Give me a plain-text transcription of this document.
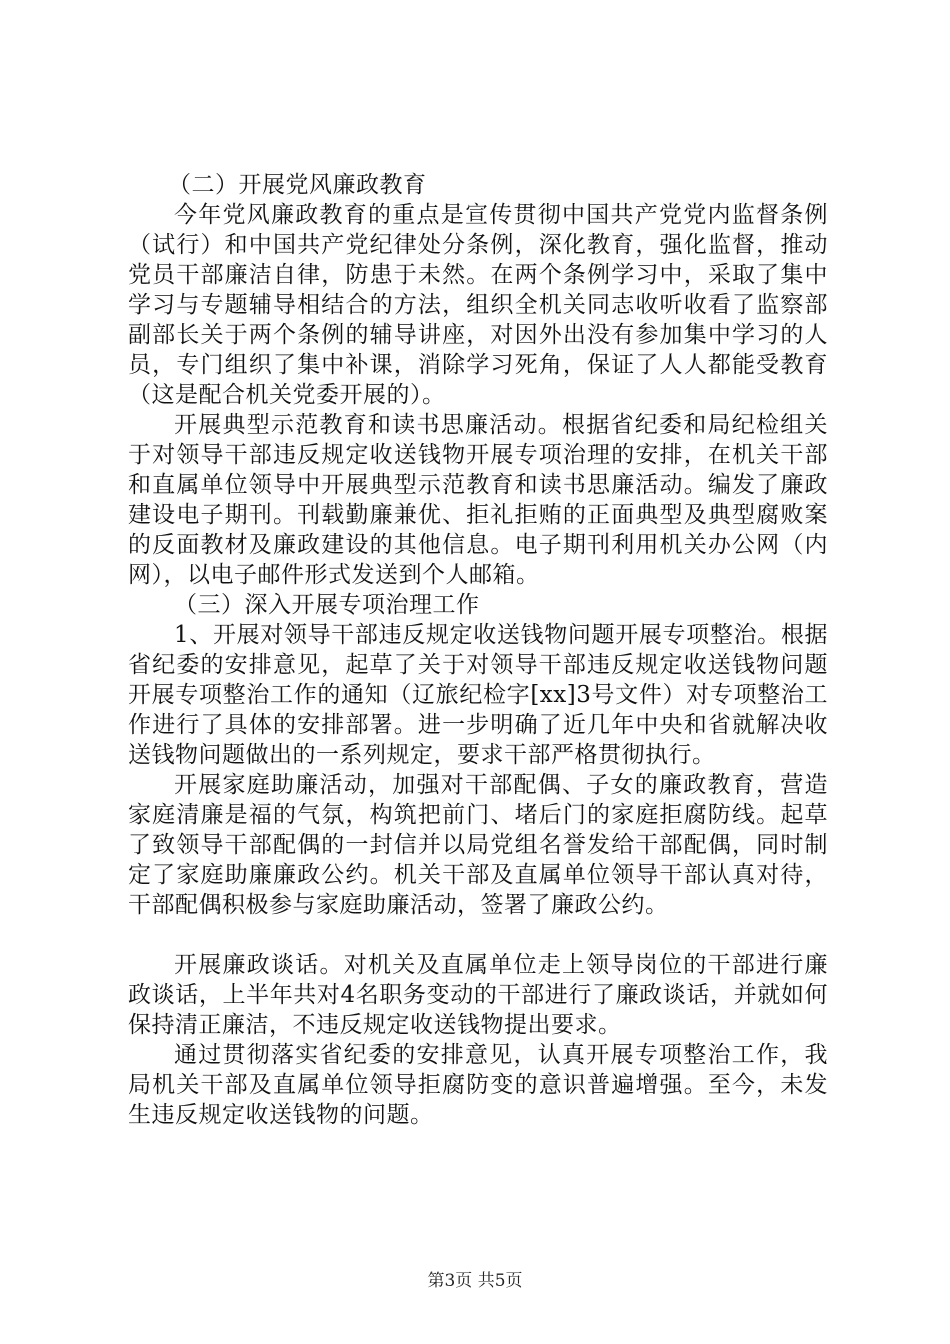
（二）开展党风廉政教育

今年党风廉政教育的重点是宣传贯彻中国共产党党内监督条例（试行）和中国共产党纪律处分条例，深化教育，强化监督，推动党员干部廉洁自律，防患于未然。在两个条例学习中，采取了集中学习与专题辅导相结合的方法，组织全机关同志收听收看了监察部副部长关于两个条例的辅导讲座，对因外出没有参加集中学习的人员，专门组织了集中补课，消除学习死角，保证了人人都能受教育（这是配合机关党委开展的）。

开展典型示范教育和读书思廉活动。根据省纪委和局纪检组关于对领导干部违反规定收送钱物开展专项治理的安排，在机关干部和直属单位领导中开展典型示范教育和读书思廉活动。编发了廉政建设电子期刊。刊载勤廉兼优、拒礼拒贿的正面典型及典型腐败案的反面教材及廉政建设的其他信息。电子期刊利用机关办公网（内网），以电子邮件形式发送到个人邮箱。

（三）深入开展专项治理工作

1、开展对领导干部违反规定收送钱物问题开展专项整治。根据省纪委的安排意见，起草了关于对领导干部违反规定收送钱物问题开展专项整治工作的通知（辽旅纪检字[xx]3号文件）对专项整治工作进行了具体的安排部署。进一步明确了近几年中央和省就解决收送钱物问题做出的一系列规定，要求干部严格贯彻执行。

开展家庭助廉活动，加强对干部配偶、子女的廉政教育，营造家庭清廉是福的气氛，构筑把前门、堵后门的家庭拒腐防线。起草了致领导干部配偶的一封信并以局党组名誉发给干部配偶，同时制定了家庭助廉廉政公约。机关干部及直属单位领导干部认真对待，干部配偶积极参与家庭助廉活动，签署了廉政公约。

开展廉政谈话。对机关及直属单位走上领导岗位的干部进行廉政谈话，上半年共对4名职务变动的干部进行了廉政谈话，并就如何保持清正廉洁，不违反规定收送钱物提出要求。

通过贯彻落实省纪委的安排意见，认真开展专项整治工作，我局机关干部及直属单位领导拒腐防变的意识普遍增强。至今，未发生违反规定收送钱物的问题。

第3页 共5页
